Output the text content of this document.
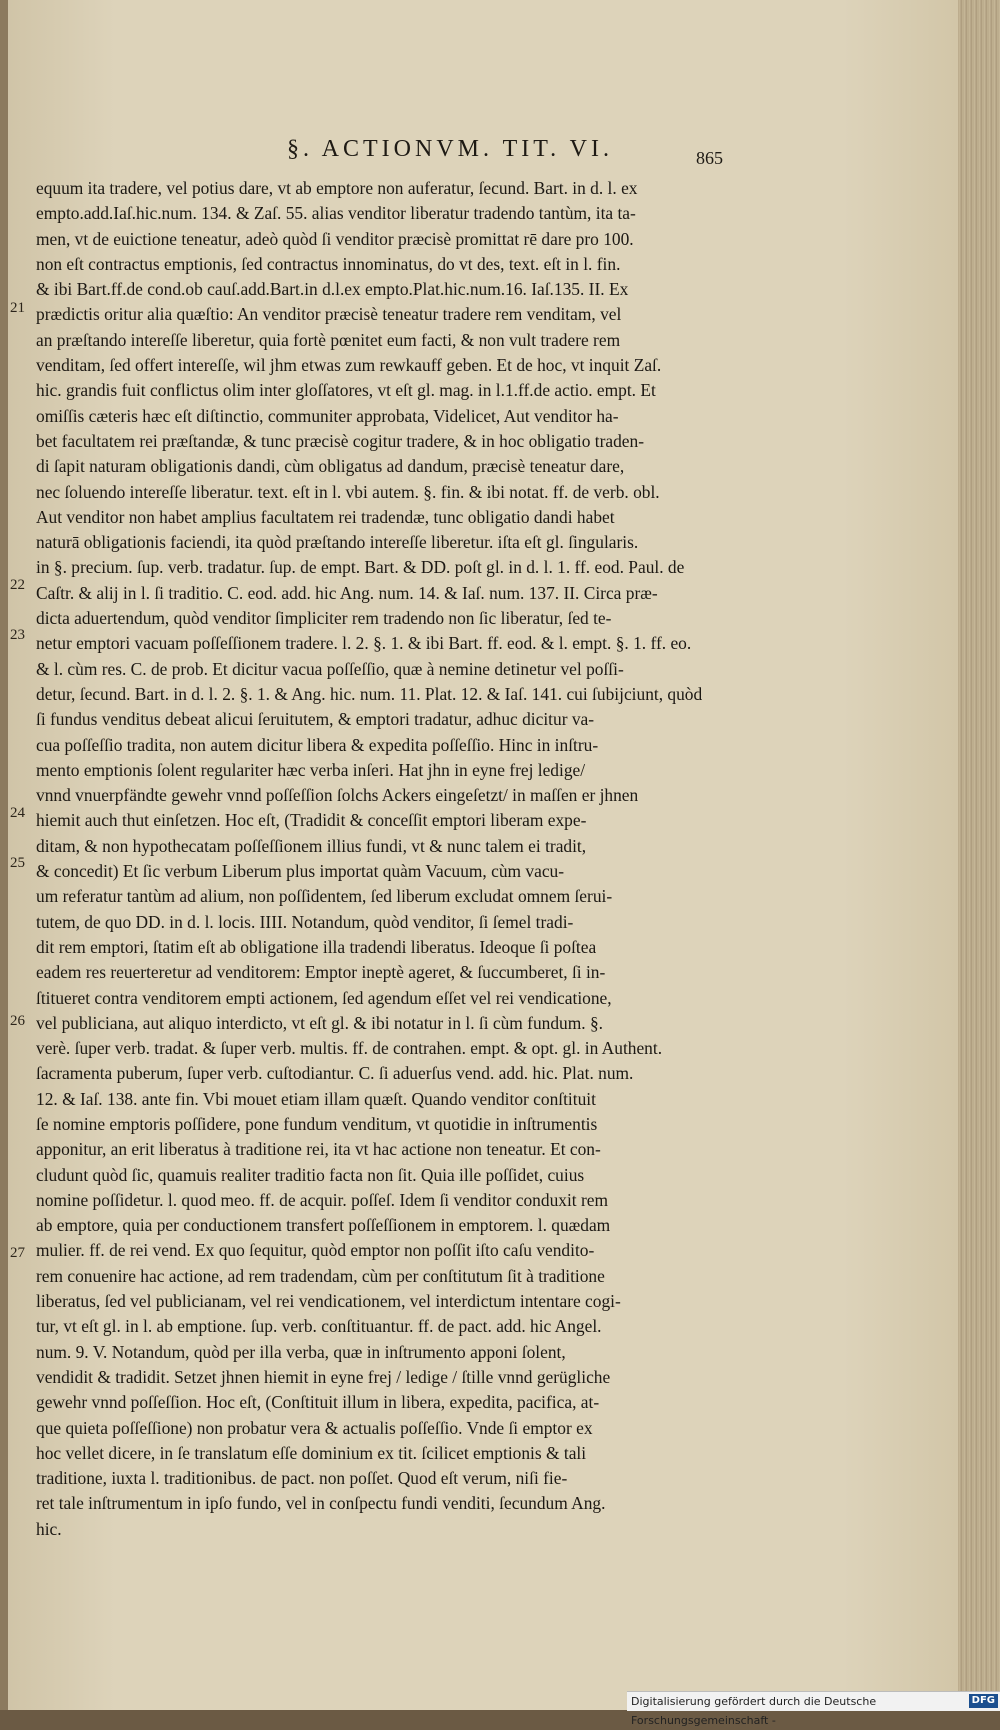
§. ACTIONVM. TIT. VI.	865
21
22
23
24
25
26
27
equum ita tradere, vel potius dare, vt ab emptore non auferatur, ſecund. Bart. in d. l. ex
empto.add.Iaſ.hic.num. 134. & Zaſ. 55. alias venditor liberatur tradendo tantùm, ita ta-
men, vt de euictione teneatur, adeò quòd ſi venditor præcisè promittat rē dare pro 100.
non eſt contractus emptionis, ſed contractus innominatus, do vt des, text. eſt in l. fin.
& ibi Bart.ff.de cond.ob cauſ.add.Bart.in d.l.ex empto.Plat.hic.num.16. Iaſ.135. II. Ex
prædictis oritur alia quæſtio: An venditor præcisè teneatur tradere rem venditam, vel
an præſtando intereſſe liberetur, quia fortè pœnitet eum facti, & non vult tradere rem
venditam, ſed offert intereſſe, wil jhm etwas zum rewkauff geben. Et de hoc, vt inquit Zaſ.
hic. grandis fuit conflictus olim inter gloſſatores, vt eſt gl. mag. in l.1.ff.de actio. empt. Et
omiſſis cæteris hæc eſt diſtinctio, communiter approbata, Videlicet, Aut venditor ha-
bet facultatem rei præſtandæ, & tunc præcisè cogitur tradere, & in hoc obligatio traden-
di ſapit naturam obligationis dandi, cùm obligatus ad dandum, præcisè teneatur dare,
nec ſoluendo intereſſe liberatur. text. eſt in l. vbi autem. §. fin. & ibi notat. ff. de verb. obl.
Aut venditor non habet amplius facultatem rei tradendæ, tunc obligatio dandi habet
naturā obligationis faciendi, ita quòd præſtando intereſſe liberetur. iſta eſt gl. ſingularis.
in §. precium. ſup. verb. tradatur. ſup. de empt. Bart. & DD. poſt gl. in d. l. 1. ff. eod. Paul. de
Caſtr. & alij in l. ſi traditio. C. eod. add. hic Ang. num. 14. & Iaſ. num. 137. II. Circa præ-
dicta aduertendum, quòd venditor ſimpliciter rem tradendo non ſic liberatur, ſed te-
netur emptori vacuam poſſeſſionem tradere. l. 2. §. 1. & ibi Bart. ff. eod. & l. empt. §. 1. ff. eo.
& l. cùm res. C. de prob. Et dicitur vacua poſſeſſio, quæ à nemine detinetur vel poſſi-
detur, ſecund. Bart. in d. l. 2. §. 1. & Ang. hic. num. 11. Plat. 12. & Iaſ. 141. cui ſubijciunt, quòd
ſi fundus venditus debeat alicui ſeruitutem, & emptori tradatur, adhuc dicitur va-
cua poſſeſſio tradita, non autem dicitur libera & expedita poſſeſſio. Hinc in inſtru-
mento emptionis ſolent regulariter hæc verba inſeri. Hat jhn in eyne frej ledige/
vnnd vnuerpfändte gewehr vnnd poſſeſſion ſolchs Ackers eingeſetzt/ in maſſen er jhnen
hiemit auch thut einſetzen. Hoc eſt, (Tradidit & conceſſit emptori liberam expe-
ditam, & non hypothecatam poſſeſſionem illius fundi, vt & nunc talem ei tradit,
& concedit) Et ſic verbum Liberum plus importat quàm Vacuum, cùm vacu-
um referatur tantùm ad alium, non poſſidentem, ſed liberum excludat omnem ſerui-
tutem, de quo DD. in d. l. locis. IIII. Notandum, quòd venditor, ſi ſemel tradi-
dit rem emptori, ſtatim eſt ab obligatione illa tradendi liberatus. Ideoque ſi poſtea
eadem res reuerteretur ad venditorem: Emptor ineptè ageret, & ſuccumberet, ſi in-
ſtitueret contra venditorem empti actionem, ſed agendum eſſet vel rei vendicatione,
vel publiciana, aut aliquo interdicto, vt eſt gl. & ibi notatur in l. ſi cùm fundum. §.
verè. ſuper verb. tradat. & ſuper verb. multis. ff. de contrahen. empt. & opt. gl. in Authent.
ſacramenta puberum, ſuper verb. cuſtodiantur. C. ſi aduerſus vend. add. hic. Plat. num.
12. & Iaſ. 138. ante fin. Vbi mouet etiam illam quæſt. Quando venditor conſtituit
ſe nomine emptoris poſſidere, pone fundum venditum, vt quotidie in inſtrumentis
apponitur, an erit liberatus à traditione rei, ita vt hac actione non teneatur. Et con-
cludunt quòd ſic, quamuis realiter traditio facta non ſit. Quia ille poſſidet, cuius
nomine poſſidetur. l. quod meo. ff. de acquir. poſſeſ. Idem ſi venditor conduxit rem
ab emptore, quia per conductionem transfert poſſeſſionem in emptorem. l. quædam
mulier. ff. de rei vend. Ex quo ſequitur, quòd emptor non poſſit iſto caſu vendito-
rem conuenire hac actione, ad rem tradendam, cùm per conſtitutum ſit à traditione
liberatus, ſed vel publicianam, vel rei vendicationem, vel interdictum intentare cogi-
tur, vt eſt gl. in l. ab emptione. ſup. verb. conſtituantur. ff. de pact. add. hic Angel.
num. 9. V. Notandum, quòd per illa verba, quæ in inſtrumento apponi ſolent,
vendidit & tradidit. Setzet jhnen hiemit in eyne frej / ledige / ſtille vnnd gerügliche
gewehr vnnd poſſeſſion. Hoc eſt, (Conſtituit illum in libera, expedita, pacifica, at-
que quieta poſſeſſione) non probatur vera & actualis poſſeſſio. Vnde ſi emptor ex
hoc vellet dicere, in ſe translatum eſſe dominium ex tit. ſcilicet emptionis & tali
traditione, iuxta l. traditionibus. de pact. non poſſet. Quod eſt verum, niſi fie-
ret tale inſtrumentum in ipſo fundo, vel in conſpectu fundi venditi, ſecundum Ang.
hic.
Digitalisierung gefördert durch die Deutsche Forschungsgemeinschaft -
DFG
